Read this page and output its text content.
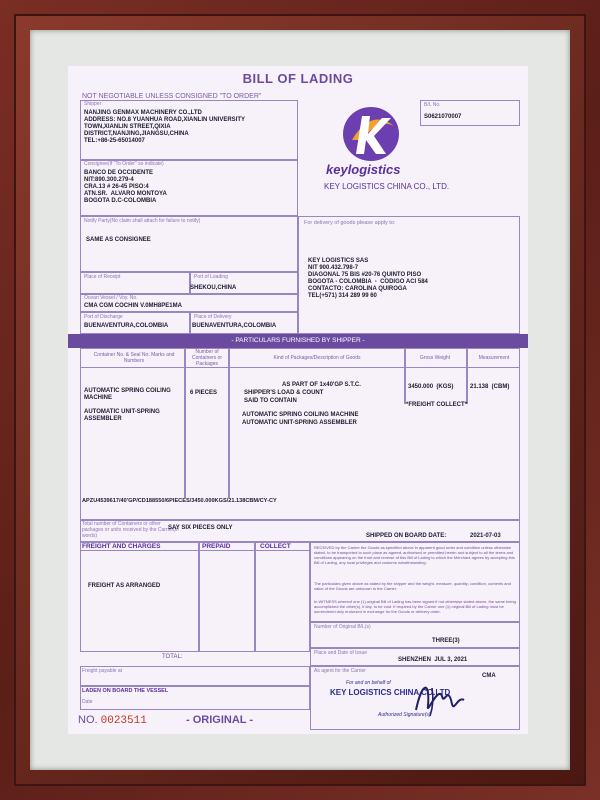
BILL OF LADING
NOT NEGOTIABLE UNLESS CONSIGNED "TO ORDER"
Shipper
NANJING GENMAX MACHINERY CO.,LTD
ADDRESS: NO.8 YUANHUA ROAD,XIANLIN UNIVERSITY
TOWN,XIANLIN STREET,QIXIA
DISTRICT,NANJING,JIANGSU,CHINA
TEL:+86-25-65014007
B/L No.
S0621070007
keylogistics
KEY LOGISTICS CHINA CO., LTD.
Consignee(If "To Order" so indicate)
BANCO DE OCCIDENTE
NIT:890.300.279-4
CRA.13 # 26-45 PISO:4
ATN.SR.  ALVARO MONTOYA
BOGOTA D.C-COLOMBIA
Notify Party(No claim shall attach for failure to notify)
SAME AS CONSIGNEE
For delivery of goods please apply to:
KEY LOGISTICS SAS
NIT 900.432.798-7
DIAGONAL 75 BIS #20-76 QUINTO PISO
BOGOTA - COLOMBIA  -  CODIGO ACI 584
CONTACTO: CAROLINA QUIROGA
TEL(+571) 314 289 99 60
Place of Receipt	Port of Loading
SHEKOU,CHINA
Ocean Vessel / Voy. No.
CMA CGM COCHIN V.0MH8PE1MA
Port of Discharge
BUENAVENTURA,COLOMBIA
Place of Delivery
BUENAVENTURA,COLOMBIA
- PARTICULARS FURNISHED BY SHIPPER -
Container No. & Seal No. Marks and Numbers
Number of Containers or Packages
Kind of Packages/Description of Goods	Gross Weight	Measurement
AUTOMATIC SPRING COILING
MACHINE
AUTOMATIC UNIT-SPRING
ASSEMBLER
6 PIECES
AS PART OF 1x40'GP S.T.C.
SHIPPER'S LOAD & COUNT
SAID TO CONTAIN
AUTOMATIC SPRING COILING MACHINE
AUTOMATIC UNIT-SPRING ASSEMBLER
3450.000  (KGS)	21.138  (CBM)
*FREIGHT COLLECT*
APZU4539617/40'GP/CD188550/6PIECES/3450.000KGS/21.138CBM/CY-CY
Total number of Containers or other packages or units received by the Carrier(in words)
SAY SIX PIECES ONLY
SHIPPED ON BOARD DATE:	2021-07-03
FREIGHT AND CHARGES	PREPAID	COLLECT
FREIGHT AS ARRANGED
TOTAL:
RECEIVED by the Carrier the Goods as specified above in apparent good order and condition unless otherwise stated, to be transported to such place as agreed, authorised or permitted herein and subject to all the terms and conditions appearing on the front and reverse of this Bill of Lading to which the Merchant agrees by accepting this Bill of Lading, any local privileges and customs notwithstanding.
The particulars given above as stated by the shipper and the weight, measure, quantity, condition, contents and value of the Goods are unknown to the Carrier.
In WITNESS whereof one (1) original Bill of Lading has been signed if not otherwise stated above, the same being accomplished the other(s), if any, to be void. If required by the Carrier one (1) original Bill of Lading must be surrendered duly endorsed in exchange for the Goods or delivery order.
Number of Original B/L(s)
THREE(3)
Place and Date of Issue
SHENZHEN  JUL 3, 2021
Freight payable at	As agent for the Carrier
CMA
For and on behalf of
KEY LOGISTICS CHINA CO.LTD
Authorized Signature(s)
LADEN ON BOARD THE VESSEL
Date
NO. 0023511	- ORIGINAL -
